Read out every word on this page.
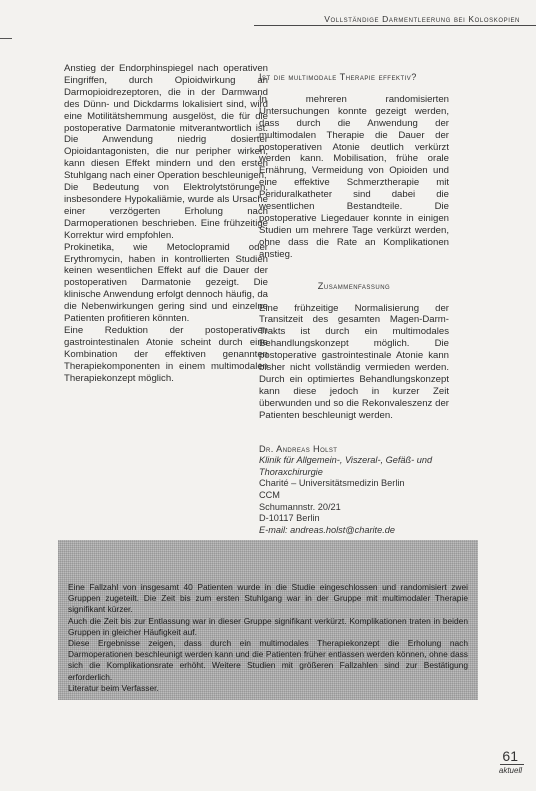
Vollständige Darmentleerung bei Koloskopien

Anstieg der Endorphinspiegel nach operativen Eingriffen, durch Opioidwirkung an Darmopioidrezeptoren, die in der Darmwand des Dünn- und Dickdarms lokalisiert sind, wird eine Motilitätshemmung ausgelöst, die für die postoperative Darmatonie mitverantwortlich ist. Die Anwendung niedrig dosierter Opioidantagonisten, die nur peripher wirken, kann diesen Effekt mindern und den ersten Stuhlgang nach einer Operation beschleunigen.

Die Bedeutung von Elektrolytstörungen, insbesondere Hypokaliämie, wurde als Ursache einer verzögerten Erholung nach Darmoperationen beschrieben. Eine frühzeitige Korrektur wird empfohlen.

Prokinetika, wie Metoclopramid oder Erythromycin, haben in kontrollierten Studien keinen wesentlichen Effekt auf die Dauer der postoperativen Darmatonie gezeigt. Die klinische Anwendung erfolgt dennoch häufig, da die Nebenwirkungen gering sind und einzelne Patienten profitieren könnten.

Eine Reduktion der postoperativen gastrointestinalen Atonie scheint durch eine Kombination der effektiven genannten Therapiekomponenten in einem multimodalen Therapiekonzept möglich.

Ist die multimodale Therapie effektiv?

In mehreren randomisierten Untersuchungen konnte gezeigt werden, dass durch die Anwendung der multimodalen Therapie die Dauer der postoperativen Atonie deutlich verkürzt werden kann. Mobilisation, frühe orale Ernährung, Vermeidung von Opioiden und eine effektive Schmerztherapie mit Periduralkatheter sind dabei die wesentlichen Bestandteile. Die postoperative Liegedauer konnte in einigen Studien um mehrere Tage verkürzt werden, ohne dass die Rate an Komplikationen anstieg.

Zusammenfassung

Eine frühzeitige Normalisierung der Transitzeit des gesamten Magen-Darm-Trakts ist durch ein multimodales Behandlungskonzept möglich. Die postoperative gastrointestinale Atonie kann bisher nicht vollständig vermieden werden. Durch ein optimiertes Behandlungskonzept kann diese jedoch in kurzer Zeit überwunden und so die Rekonvaleszenz der Patienten beschleunigt werden.

Dr. Andreas Holst
Klinik für Allgemein-, Viszeral-, Gefäß- und
Thoraxchirurgie
Charité – Universitätsmedizin Berlin
CCM
Schumannstr. 20/21
D-10117 Berlin
E-mail: andreas.holst@charite.de

Eine Fallzahl von insgesamt 40 Patienten wurde in die Studie eingeschlossen und randomisiert zwei Gruppen zugeteilt. Die Zeit bis zum ersten Stuhlgang war in der Gruppe mit multimodaler Therapie signifikant kürzer.

Auch die Zeit bis zur Entlassung war in dieser Gruppe signifikant verkürzt. Komplikationen traten in beiden Gruppen in gleicher Häufigkeit auf.

Diese Ergebnisse zeigen, dass durch ein multimodales Therapiekonzept die Erholung nach Darmoperationen beschleunigt werden kann und die Patienten früher entlassen werden können, ohne dass sich die Komplikationsrate erhöht. Weitere Studien mit größeren Fallzahlen sind zur Bestätigung erforderlich.

Literatur beim Verfasser.

61
aktuell
